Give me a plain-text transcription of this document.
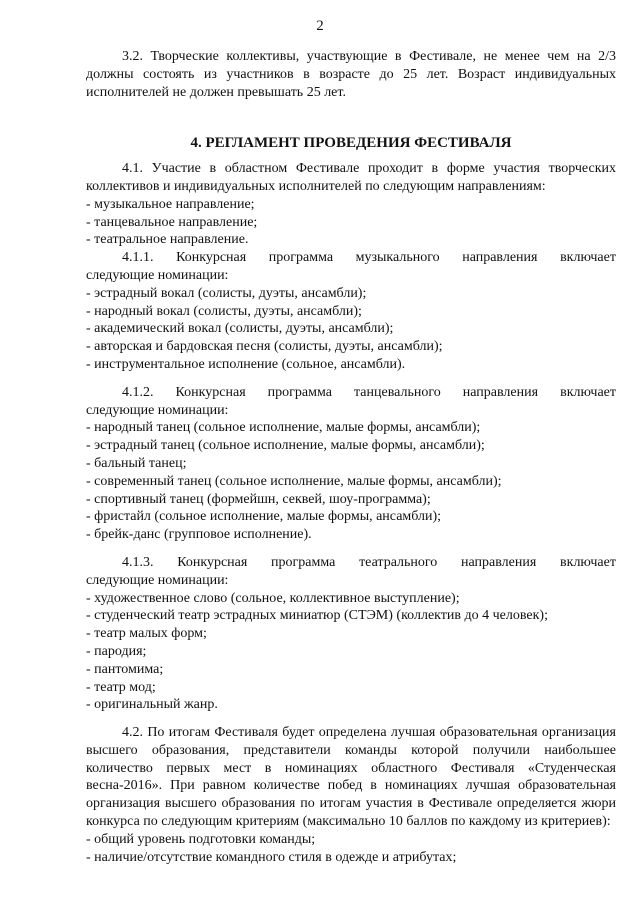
2

3.2. Творческие коллективы, участвующие в Фестивале, не менее чем на 2/3 должны состоять из участников в возрасте до 25 лет. Возраст индивидуальных исполнителей не должен превышать 25 лет.

4. РЕГЛАМЕНТ ПРОВЕДЕНИЯ ФЕСТИВАЛЯ

4.1. Участие в областном Фестивале проходит в форме участия творческих коллективов и индивидуальных исполнителей по следующим направлениям:

- музыкальное направление;

- танцевальное направление;

- театральное направление.

4.1.1. Конкурсная программа музыкального направления включает

следующие номинации:

- эстрадный вокал (солисты, дуэты, ансамбли);

- народный вокал (солисты, дуэты, ансамбли);

- академический вокал (солисты, дуэты, ансамбли);

- авторская и бардовская песня (солисты, дуэты, ансамбли);

- инструментальное исполнение (сольное, ансамбли).

4.1.2. Конкурсная программа танцевального направления включает

следующие номинации:

- народный танец (сольное исполнение, малые формы, ансамбли);

- эстрадный танец (сольное исполнение, малые формы, ансамбли);

- бальный танец;

- современный танец (сольное исполнение, малые формы, ансамбли);

- спортивный танец (формейшн, секвей, шоу-программа);

- фристайл (сольное исполнение, малые формы, ансамбли);

- брейк-данс (групповое исполнение).

4.1.3. Конкурсная программа театрального направления включает

следующие номинации:

- художественное слово (сольное, коллективное выступление);

- студенческий театр эстрадных миниатюр (СТЭМ) (коллектив до 4 человек);

- театр малых форм;

- пародия;

- пантомима;

- театр мод;

- оригинальный жанр.

4.2. По итогам Фестиваля будет определена лучшая образовательная организация высшего образования, представители команды которой получили наибольшее количество первых мест в номинациях областного Фестиваля «Студенческая весна-2016». При равном количестве побед в номинациях лучшая образовательная организация высшего образования по итогам участия в Фестивале определяется жюри конкурса по следующим критериям (максимально 10 баллов по каждому из критериев):

- общий уровень подготовки команды;

- наличие/отсутствие командного стиля в одежде и атрибутах;
